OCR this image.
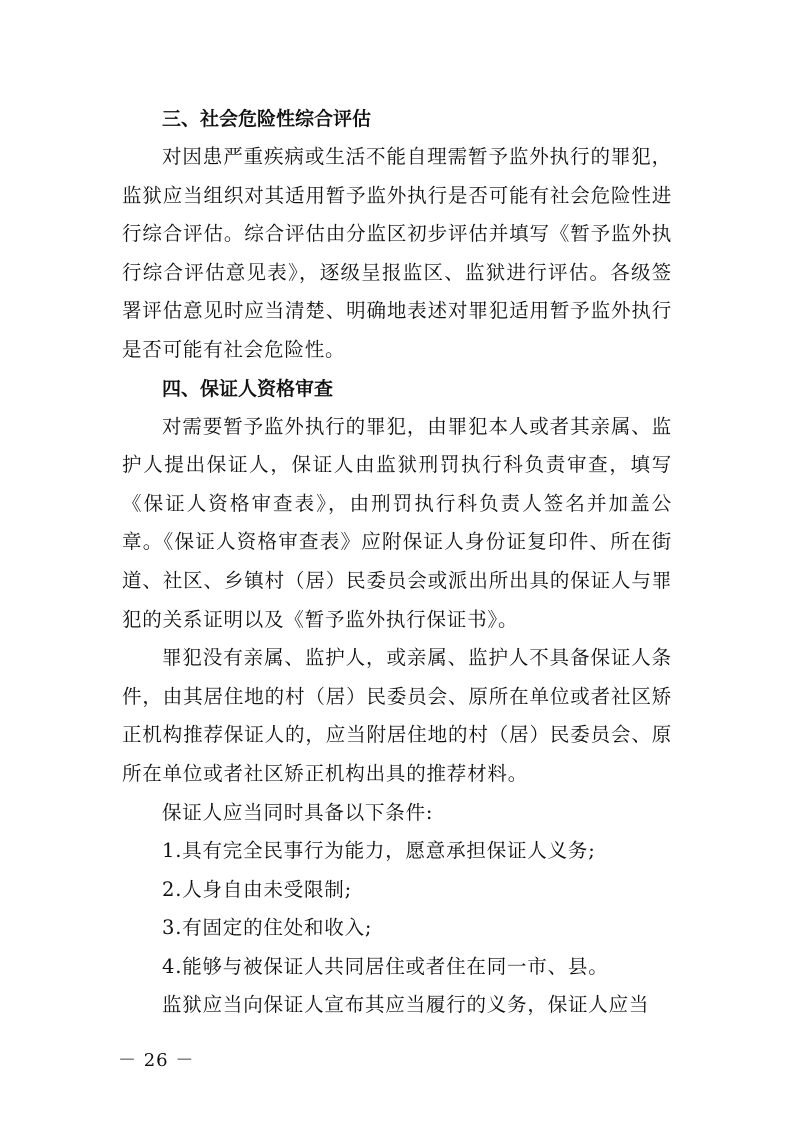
三、社会危险性综合评估

对因患严重疾病或生活不能自理需暂予监外执行的罪犯，监狱应当组织对其适用暂予监外执行是否可能有社会危险性进行综合评估。综合评估由分监区初步评估并填写《暂予监外执行综合评估意见表》，逐级呈报监区、监狱进行评估。各级签署评估意见时应当清楚、明确地表述对罪犯适用暂予监外执行是否可能有社会危险性。

四、保证人资格审查

对需要暂予监外执行的罪犯，由罪犯本人或者其亲属、监护人提出保证人，保证人由监狱刑罚执行科负责审查，填写《保证人资格审查表》，由刑罚执行科负责人签名并加盖公章。《保证人资格审查表》应附保证人身份证复印件、所在街道、社区、乡镇村（居）民委员会或派出所出具的保证人与罪犯的关系证明以及《暂予监外执行保证书》。

罪犯没有亲属、监护人，或亲属、监护人不具备保证人条件，由其居住地的村（居）民委员会、原所在单位或者社区矫正机构推荐保证人的，应当附居住地的村（居）民委员会、原所在单位或者社区矫正机构出具的推荐材料。

保证人应当同时具备以下条件:

1.具有完全民事行为能力，愿意承担保证人义务;

2.人身自由未受限制;

3.有固定的住处和收入;

4.能够与被保证人共同居住或者住在同一市、县。

监狱应当向保证人宣布其应当履行的义务，保证人应当

－ 26 －
